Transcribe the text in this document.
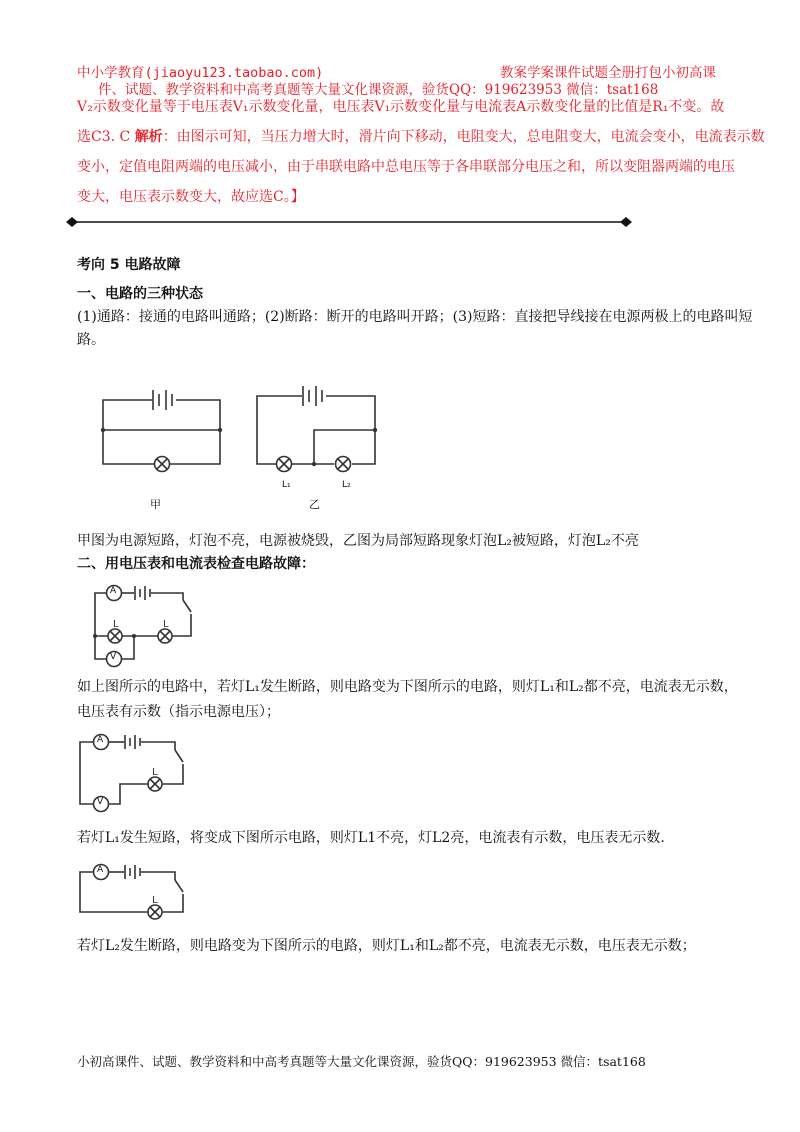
中小学教育(jiaoyu123.taobao.com)	教案学案课件试题全册打包小初高课
件、试题、教学资料和中高考真题等大量文化课资源，验货QQ：919623953 微信：tsat168
V₂示数变化量等于电压表V₁示数变化量，电压表V₁示数变化量与电流表A示数变化量的比值是R₁不变。故
选C3. C 解析：由图示可知，当压力增大时，滑片向下移动，电阻变大，总电阻变大，电流会变小，电流表示数
变小，定值电阻两端的电压减小，由于串联电路中总电压等于各串联部分电压之和，所以变阻器两端的电压
变大，电压表示数变大，故应选C。】
考向 5 电路故障
一、电路的三种状态
(1)通路：接通的电路叫通路；(2)断路：断开的电路叫开路；(3)短路：直接把导线接在电源两极上的电路叫短
路。
甲
L₁	L₂
乙
甲图为电源短路，灯泡不亮，电源被烧毁，乙图为局部短路现象灯泡L₂被短路，灯泡L₂不亮
二、用电压表和电流表检查电路故障：
L	L
A
V
如上图所示的电路中，若灯L₁发生断路，则电路变为下图所示的电路，则灯L₁和L₂都不亮，电流表无示数，
电压表有示数（指示电源电压）；
L
A
V
若灯L₁发生短路，将变成下图所示电路，则灯L1不亮，灯L2亮，电流表有示数，电压表无示数.
L
A
若灯L₂发生断路，则电路变为下图所示的电路，则灯L₁和L₂都不亮，电流表无示数，电压表无示数；
小初高课件、试题、教学资料和中高考真题等大量文化课资源，验货QQ：919623953 微信：tsat168
